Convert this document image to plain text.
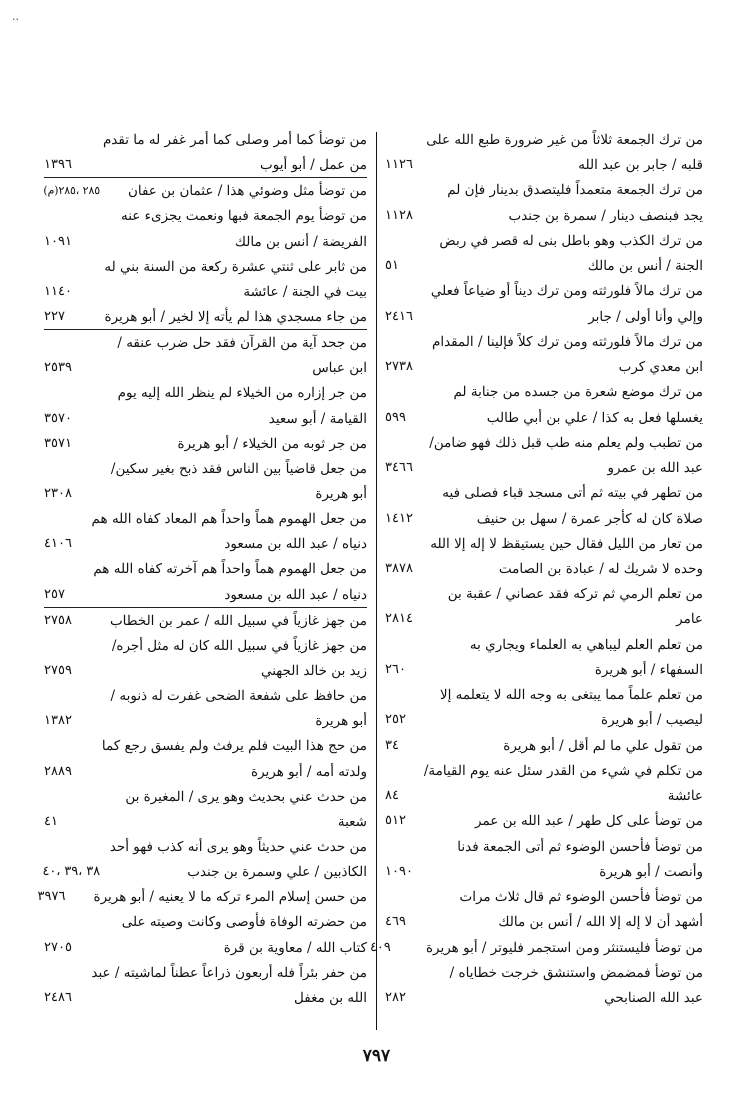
..
من ترك الجمعة ثلاثاً من غير ضرورة طبع الله على
قلبه / جابر بن عبد الله
١١٢٦
من ترك الجمعة متعمداً فليتصدق بدينار فإن لم
يجد فبنصف دينار / سمرة بن جندب
١١٢٨
من ترك الكذب وهو باطل بنى له قصر في ربض
الجنة / أنس بن مالك
٥١
من ترك مالاً فلورثته ومن ترك ديناً أو ضياعاً فعلي
وإلي وأنا أولى / جابر
٢٤١٦
من ترك مالاً فلورثته ومن ترك كلاً فإلينا / المقدام
ابن معدي كرب
٢٧٣٨
من ترك موضع شعرة من جسده من جنابة لم
يغسلها فعل به كذا / علي بن أبي طالب
٥٩٩
من تطبب ولم يعلم منه طب قبل ذلك فهو ضامن/
عبد الله بن عمرو
٣٤٦٦
من تطهر في بيته ثم أتى مسجد قباء فصلى فيه
صلاة كان له كأجر عمرة / سهل بن حنيف
١٤١٢
من تعار من الليل فقال حين يستيقظ لا إله إلا الله
وحده لا شريك له / عبادة بن الصامت
٣٨٧٨
من تعلم الرمي ثم تركه فقد عصاني / عقبة بن
عامر
٢٨١٤
من تعلم العلم ليباهي به العلماء ويجاري به
السفهاء / أبو هريرة
٢٦٠
من تعلم علماً مما يبتغى به وجه الله لا يتعلمه إلا
ليصيب / أبو هريرة
٢٥٢
من تقول علي ما لم أقل / أبو هريرة
٣٤
من تكلم في شيء من القدر سئل عنه يوم القيامة/
عائشة
٨٤
من توضأ على كل طهر / عبد الله بن عمر
٥١٢
من توضأ فأحسن الوضوء ثم أتى الجمعة فدنا
وأنصت / أبو هريرة
١٠٩٠
من توضأ فأحسن الوضوء ثم قال ثلاث مرات
أشهد أن لا إله إلا الله / أنس بن مالك
٤٦٩
من توضأ فليستنثر ومن استجمر فليوتر / أبو هريرة
٤٠٩
من توضأ فمضمض واستنشق خرجت خطاياه /
عبد الله الصنابحي
٢٨٢
من توضأ كما أمر وصلى كما أمر غفر له ما تقدم
من عمل / أبو أيوب
١٣٩٦
من توضأ مثل وضوئي هذا / عثمان بن عفان
٢٨٥ ،٢٨٥(م)
من توضأ يوم الجمعة فبها ونعمت يجزىء عنه
الفريضة / أنس بن مالك
١٠٩١
من ثابر على ثنتي عشرة ركعة من السنة بني له
بيت في الجنة / عائشة
١١٤٠
من جاء مسجدي هذا لم يأته إلا لخير / أبو هريرة
٢٢٧
من جحد آية من القرآن فقد حل ضرب عنقه /
ابن عباس
٢٥٣٩
من جر إزاره من الخيلاء لم ينظر الله إليه يوم
القيامة / أبو سعيد
٣٥٧٠
من جر ثوبه من الخيلاء / أبو هريرة
٣٥٧١
من جعل قاضياً بين الناس فقد ذبح بغير سكين/
أبو هريرة
٢٣٠٨
من جعل الهموم هماً واحداً هم المعاد كفاه الله هم
دنياه / عبد الله بن مسعود
٤١٠٦
من جعل الهموم هماً واحداً هم آخرته كفاه الله هم
دنياه / عبد الله بن مسعود
٢٥٧
من جهز غازياً في سبيل الله / عمر بن الخطاب
٢٧٥٨
من جهز غازياً في سبيل الله كان له مثل أجره/
زيد بن خالد الجهني
٢٧٥٩
من حافظ على شفعة الضحى غفرت له ذنوبه /
أبو هريرة
١٣٨٢
من حج هذا البيت فلم يرفث ولم يفسق رجع كما
ولدته أمه / أبو هريرة
٢٨٨٩
من حدث عني بحديث وهو يرى / المغيرة بن
شعبة
٤١
من حدث عني حديثاً وهو يرى أنه كذب فهو أحد
الكاذبين / علي وسمرة بن جندب
٣٨ ،٣٩ ،٤٠
من حسن إسلام المرء تركه ما لا يعنيه / أبو هريرة
٣٩٧٦
من حضرته الوفاة فأوصى وكانت وصيته على
كتاب الله / معاوية بن قرة
٢٧٠٥
من حفر بئراً فله أربعون ذراعاً عطناً لماشيته / عبد
الله بن مغفل
٢٤٨٦
٧٩٧
